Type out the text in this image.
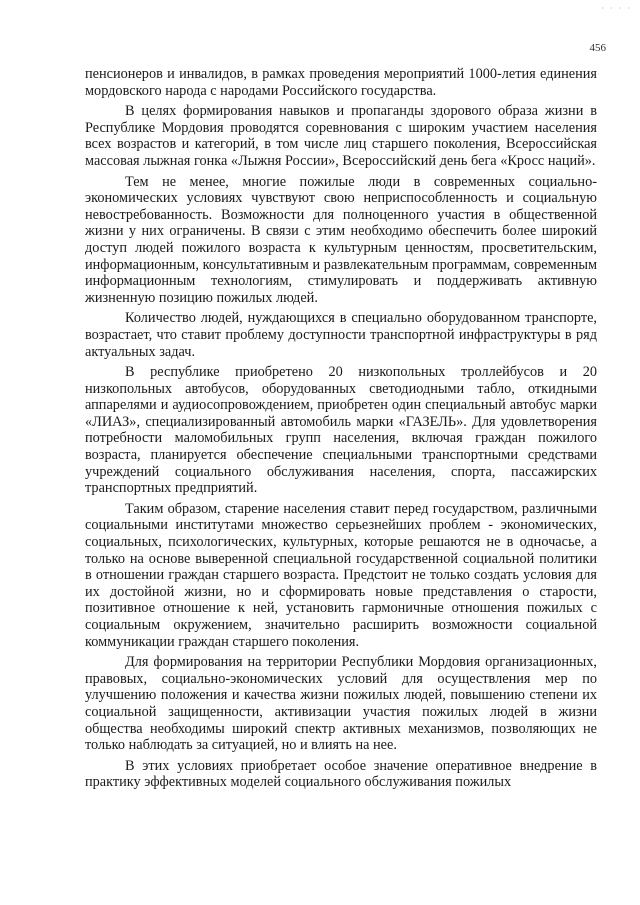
· · · ·
456

пенсионеров и инвалидов, в рамках проведения мероприятий 1000-летия единения мордовского народа с народами Российского государства.

В целях формирования навыков и пропаганды здорового образа жизни в Республике Мордовия проводятся соревнования с широким участием населения всех возрастов и категорий, в том числе лиц старшего поколения, Всероссийская массовая лыжная гонка «Лыжня России», Всероссийский день бега «Кросс наций».

Тем не менее, многие пожилые люди в современных социально-экономических условиях чувствуют свою неприспособленность и социальную невостребованность. Возможности для полноценного участия в общественной жизни у них ограничены. В связи с этим необходимо обеспечить более широкий доступ людей пожилого возраста к культурным ценностям, просветительским, информационным, консультативным и развлекательным программам, современным информационным технологиям, стимулировать и поддерживать активную жизненную позицию пожилых людей.

Количество людей, нуждающихся в специально оборудованном транспорте, возрастает, что ставит проблему доступности транспортной инфраструктуры в ряд актуальных задач.

В республике приобретено 20 низкопольных троллейбусов и 20 низкопольных автобусов, оборудованных светодиодными табло, откидными аппарелями и аудиосопровождением, приобретен один специальный автобус марки «ЛИАЗ», специализированный автомобиль марки «ГАЗЕЛЬ». Для удовлетворения потребности маломобильных групп населения, включая граждан пожилого возраста, планируется обеспечение специальными транспортными средствами учреждений социального обслуживания населения, спорта, пассажирских транспортных предприятий.

Таким образом, старение населения ставит перед государством, различными социальными институтами множество серьезнейших проблем - экономических, социальных, психологических, культурных, которые решаются не в одночасье, а только на основе выверенной специальной государственной социальной политики в отношении граждан старшего возраста. Предстоит не только создать условия для их достойной жизни, но и сформировать новые представления о старости, позитивное отношение к ней, установить гармоничные отношения пожилых с социальным окружением, значительно расширить возможности социальной коммуникации граждан старшего поколения.

Для формирования на территории Республики Мордовия организационных, правовых, социально-экономических условий для осуществления мер по улучшению положения и качества жизни пожилых людей, повышению степени их социальной защищенности, активизации участия пожилых людей в жизни общества необходимы широкий спектр активных механизмов, позволяющих не только наблюдать за ситуацией, но и влиять на нее.

В этих условиях приобретает особое значение оперативное внедрение в практику эффективных моделей социального обслуживания пожилых
